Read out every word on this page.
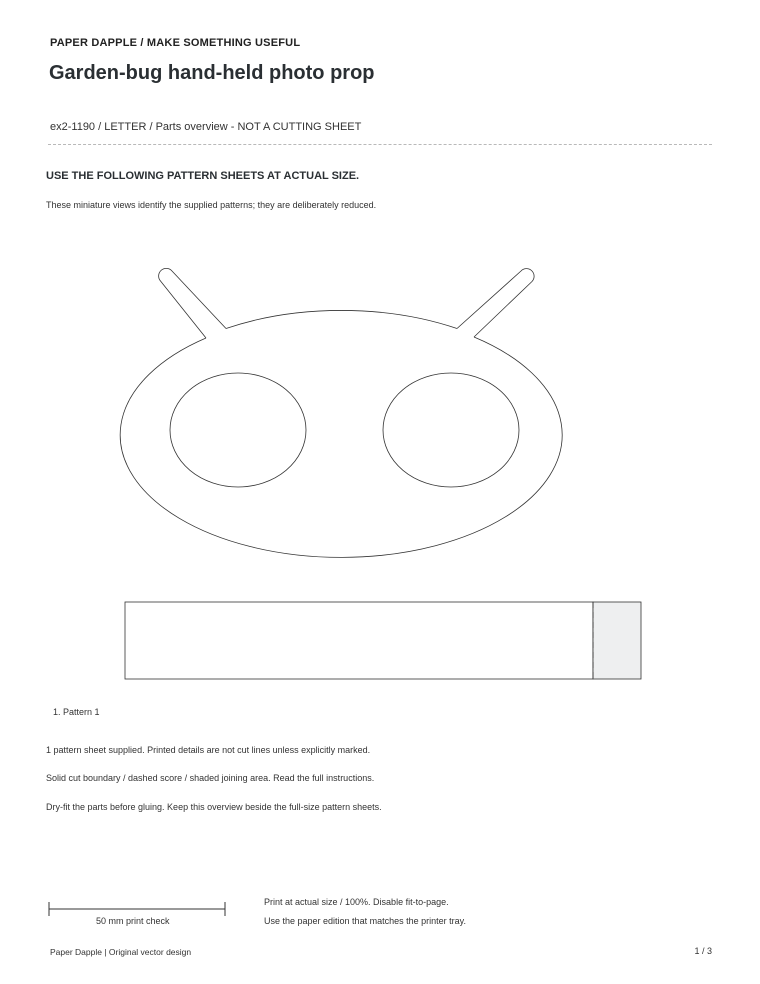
PAPER DAPPLE / MAKE SOMETHING USEFUL
Garden-bug hand-held photo prop
ex2-1190 / LETTER / Parts overview - NOT A CUTTING SHEET
USE THE FOLLOWING PATTERN SHEETS AT ACTUAL SIZE.
These miniature views identify the supplied patterns; they are deliberately reduced.
1. Pattern 1
1 pattern sheet supplied. Printed details are not cut lines unless explicitly marked.
Solid cut boundary / dashed score / shaded joining area. Read the full instructions.
Dry-fit the parts before gluing. Keep this overview beside the full-size pattern sheets.
50 mm print check
Print at actual size / 100%. Disable fit-to-page.
Use the paper edition that matches the printer tray.
Paper Dapple | Original vector design	1 / 3
